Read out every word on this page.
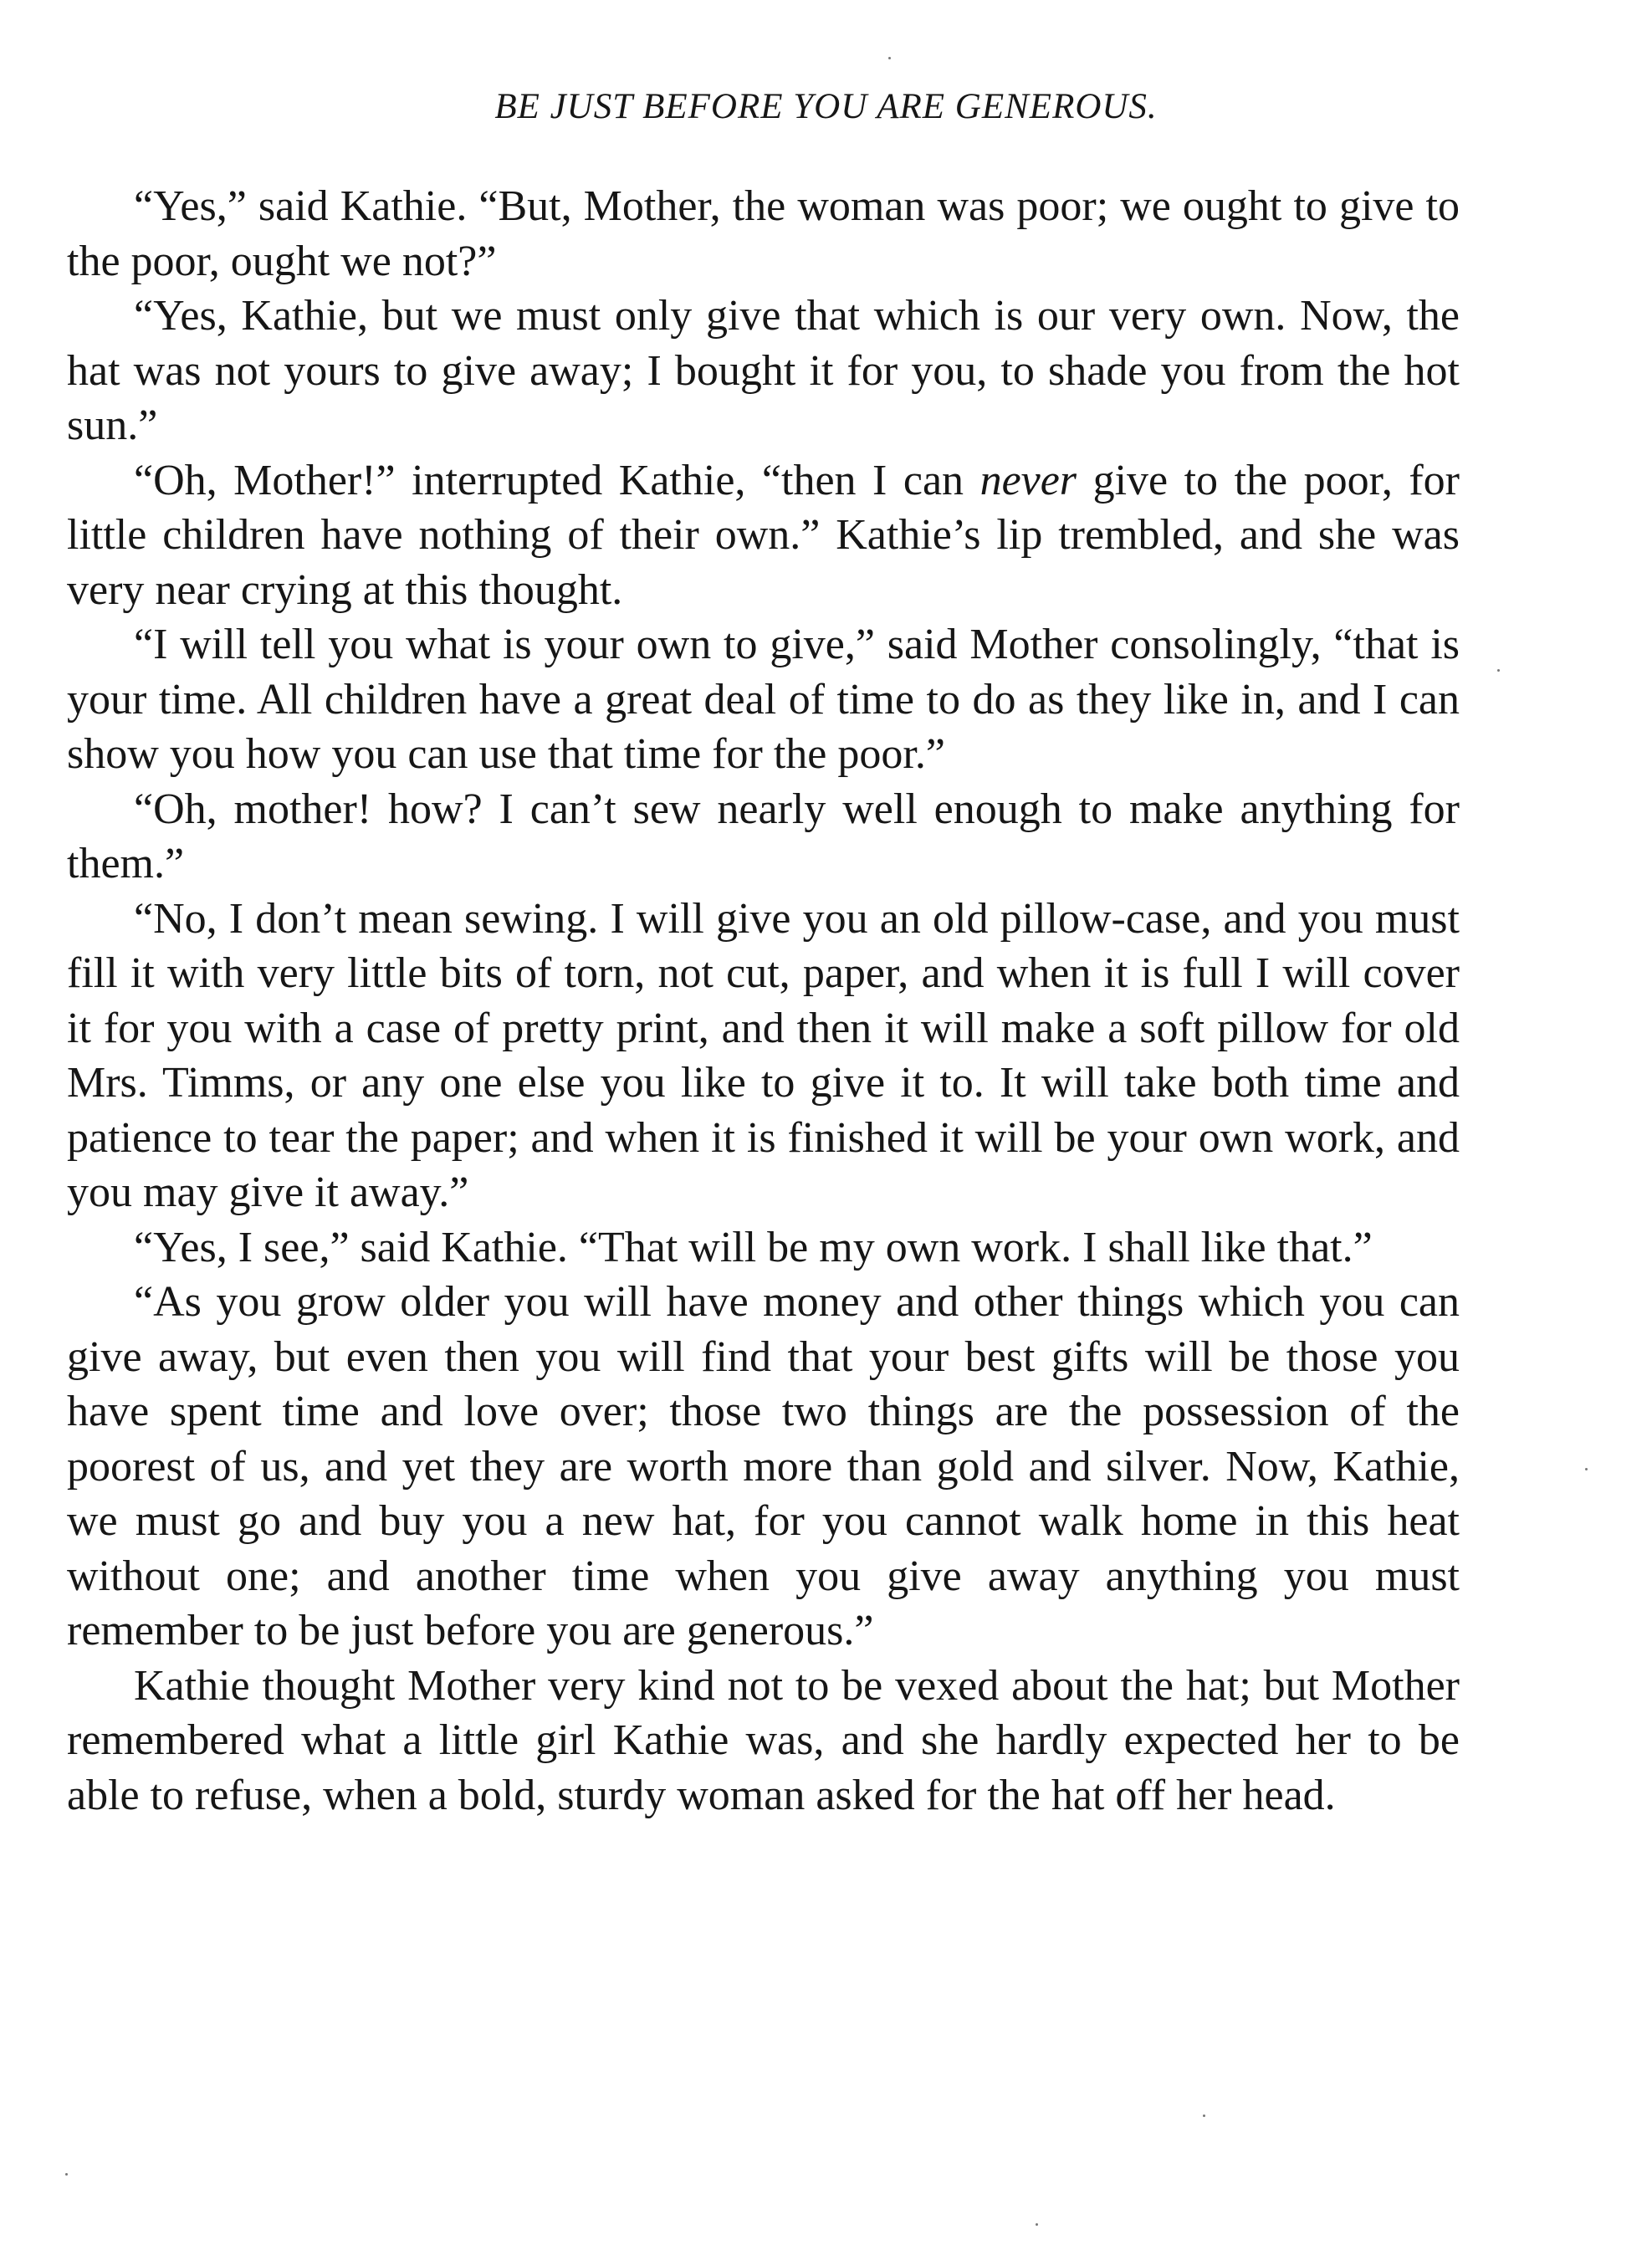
BE JUST BEFORE YOU ARE GENEROUS.

“Yes,” said Kathie. “But, Mother, the woman was poor; we ought to give to the poor, ought we not?”

“Yes, Kathie, but we must only give that which is our very own. Now, the hat was not yours to give away; I bought it for you, to shade you from the hot sun.”

“Oh, Mother!” interrupted Kathie, “then I can never give to the poor, for little children have nothing of their own.” Kathie’s lip trembled, and she was very near crying at this thought.

“I will tell you what is your own to give,” said Mother consolingly, “that is your time. All children have a great deal of time to do as they like in, and I can show you how you can use that time for the poor.”

“Oh, mother! how? I can’t sew nearly well enough to make anything for them.”

“No, I don’t mean sewing. I will give you an old pillow-case, and you must fill it with very little bits of torn, not cut, paper, and when it is full I will cover it for you with a case of pretty print, and then it will make a soft pillow for old Mrs. Timms, or any one else you like to give it to. It will take both time and patience to tear the paper; and when it is finished it will be your own work, and you may give it away.”

“Yes, I see,” said Kathie. “That will be my own work. I shall like that.”

“As you grow older you will have money and other things which you can give away, but even then you will find that your best gifts will be those you have spent time and love over; those two things are the possession of the poorest of us, and yet they are worth more than gold and silver. Now, Kathie, we must go and buy you a new hat, for you cannot walk home in this heat without one; and another time when you give away anything you must remember to be just before you are generous.”

Kathie thought Mother very kind not to be vexed about the hat; but Mother remembered what a little girl Kathie was, and she hardly expected her to be able to refuse, when a bold, sturdy woman asked for the hat off her head.
